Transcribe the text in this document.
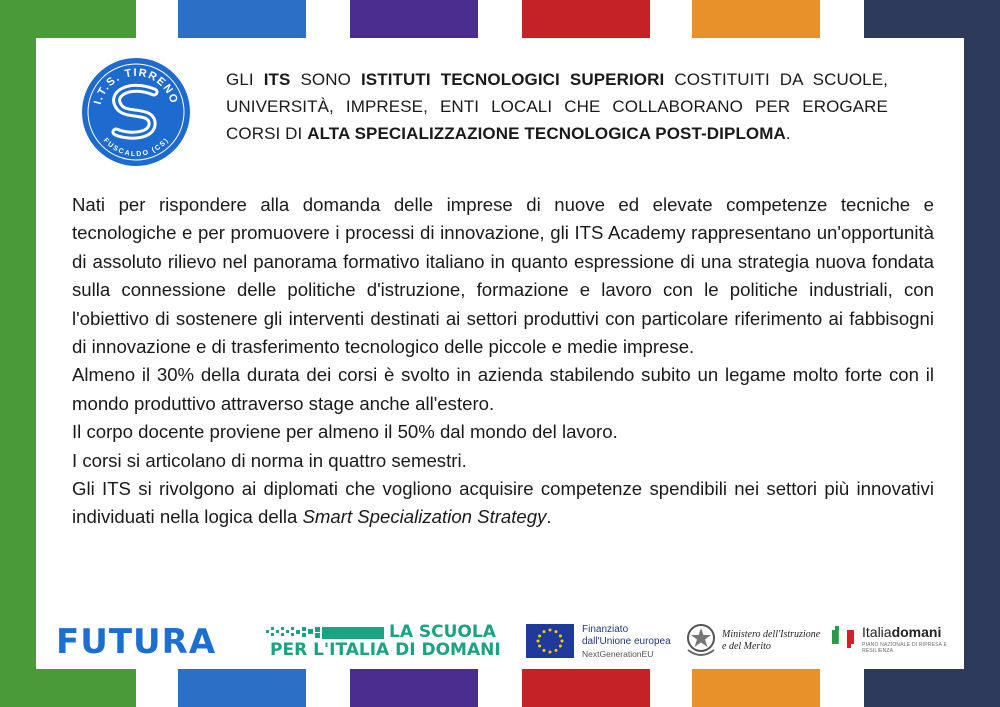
I.T.S. TIRRENO
FUSCALDO (CS)
GLI ITS SONO ISTITUTI TECNOLOGICI SUPERIORI COSTITUITI DA SCUOLE, UNIVERSITÀ, IMPRESE, ENTI LOCALI CHE COLLABORANO PER EROGARE CORSI DI ALTA SPECIALIZZAZIONE TECNOLOGICA POST-DIPLOMA.

Nati per rispondere alla domanda delle imprese di nuove ed elevate competenze tecniche e tecnologiche e per promuovere i processi di innovazione, gli ITS Academy rappresentano un'opportunità di assoluto rilievo nel panorama formativo italiano in quanto espressione di una strategia nuova fondata sulla connessione delle politiche d'istruzione, formazione e lavoro con le politiche industriali, con l'obiettivo di sostenere gli interventi destinati ai settori produttivi con particolare riferimento ai fabbisogni di innovazione e di trasferimento tecnologico delle piccole e medie imprese.

Almeno il 30% della durata dei corsi è svolto in azienda stabilendo subito un legame molto forte con il mondo produttivo attraverso stage anche all'estero.

Il corpo docente proviene per almeno il 50% dal mondo del lavoro.

I corsi si articolano di norma in quattro semestri.

Gli ITS si rivolgono ai diplomati che vogliono acquisire competenze spendibili nei settori più innovativi individuati nella logica della Smart Specialization Strategy.

FUTURA	LA SCUOLA
PER L'ITALIA DI DOMANI
Finanziato
dall'Unione europea
NextGenerationEU
Ministero dell'Istruzione
e del Merito
Italiadomani
PIANO NAZIONALE DI RIPRESA E RESILIENZA
